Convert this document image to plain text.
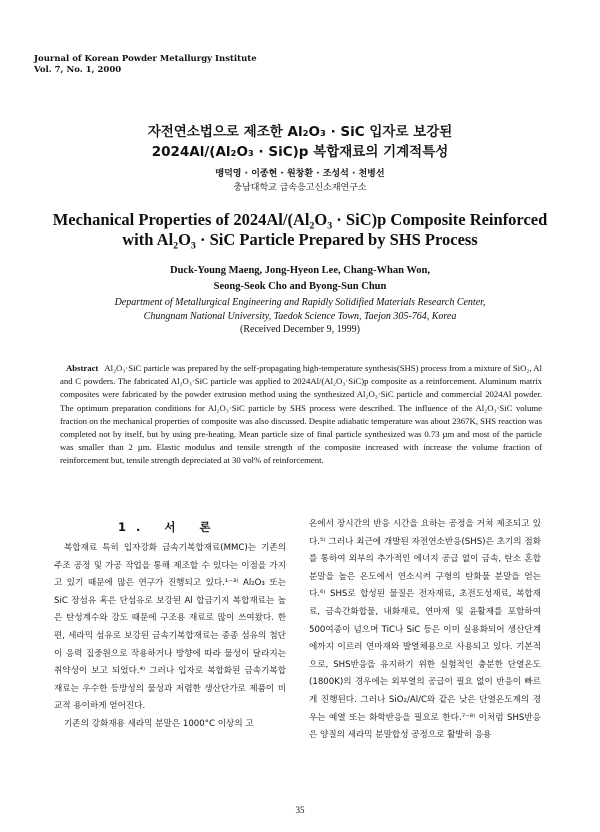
Journal of Korean Powder Metallurgy Institute
Vol. 7, No. 1, 2000
자전연소법으로 제조한 Al₂O₃ · SiC 입자로 보강된
2024Al/(Al₂O₃ · SiC)p 복합재료의 기계적특성
맹덕영 · 이종현 · 원창환 · 조성석 · 천병선
충남대학교 급속응고신소재연구소
Mechanical Properties of 2024Al/(Al₂O₃ · SiC)p Composite Reinforced
with Al₂O₃ · SiC Particle Prepared by SHS Process
Duck-Young Maeng, Jong-Hyeon Lee, Chang-Whan Won,
Seong-Seok Cho and Byong-Sun Chun
Department of Metallurgical Engineering and Rapidly Solidified Materials Research Center,
Chungnam National University, Taedok Science Town, Taejon 305-764, Korea
(Received December 9, 1999)
Abstract Al₂O₃·SiC particle was prepared by the self-propagating high-temperature synthesis(SHS) process from a mixture of SiO₂, Al and C powders. The fabricated Al₂O₃·SiC particle was applied to 2024Al/(Al₂O₃·SiC)p composite as a reinforcement. Aluminum matrix composites were fabricated by the powder extrusion method using the synthesized Al₂O₃·SiC particle and commercial 2024Al powder. The optimum preparation conditions for Al₂O₃·SiC particle by SHS process were described. The influence of the Al₂O₃·SiC volume fraction on the mechanical properties of composite was also discussed. Despite adiabatic temperature was about 2367K, SHS reaction was completed not by itself, but by using pre-heating. Mean particle size of final particle synthesized was 0.73 µm and most of the particle was smaller than 2 µm. Elastic modulus and tensile strength of the composite increased with increase the volume fraction of reinforcement but, tensile strength depreciated at 30 vol% of reinforcement.
1. 서 론

복합재료 특히 입자강화 금속기복합재료(MMC)는 기존의 주조 공정 및 가공 작업을 통해 제조할 수 있다는 이점을 가지고 있기 때문에 많은 연구가 진행되고 있다.¹⁻³⁾ Al₂O₃ 또는 SiC 장섬유 혹은 단섬유로 보강된 Al 합금기지 복합재료는 높은 탄성계수와 강도 때문에 구조용 재료로 많이 쓰여왔다. 한편, 세라믹 섬유로 보강된 금속기복합재료는 종종 섬유의 첨단이 응력 집중원으로 작용하거나 방향에 따라 물성이 달라지는 취약성이 보고 되었다.⁴⁾ 그러나 입자로 복합화된 금속기복합재료는 우수한 등방성의 물성과 저렴한 생산단가로 제품이 비교적 용이하게 얻어진다.

기존의 강화재용 세라믹 분말은 1000°C 이상의 고

온에서 장시간의 반응 시간을 요하는 공정을 거쳐 제조되고 있다.⁵⁾ 그러나 최근에 개발된 자전연소반응(SHS)은 초기의 점화를 통하여 외부의 추가적인 에너지 공급 없이 금속, 탄소 혼합 분말을 높은 온도에서 연소시켜 구형의 탄화물 분말을 얻는다.⁶⁾ SHS로 합성된 물질은 전자재료, 초전도성재료, 복합재료, 금속간화합물, 내화재료, 연마재 및 윤활제를 포함하여 500여종이 넘으며 TiC나 SiC 등은 이미 실용화되어 생산단계에까지 이르러 연마재와 발열체용으로 사용되고 있다. 기본적으로, SHS반응을 유지하기 위한 실험적인 충분한 단열온도(1800K)의 경우에는 외부열의 공급이 필요 없이 반응이 빠르게 진행된다. 그러나 SiO₂/Al/C와 같은 낮은 단열온도계의 경우는 예열 또는 화학반응을 필요로 한다.⁷⁻⁸⁾ 이처럼 SHS반응은 양질의 세라믹 분말합성 공정으로 활발히 응용

35
